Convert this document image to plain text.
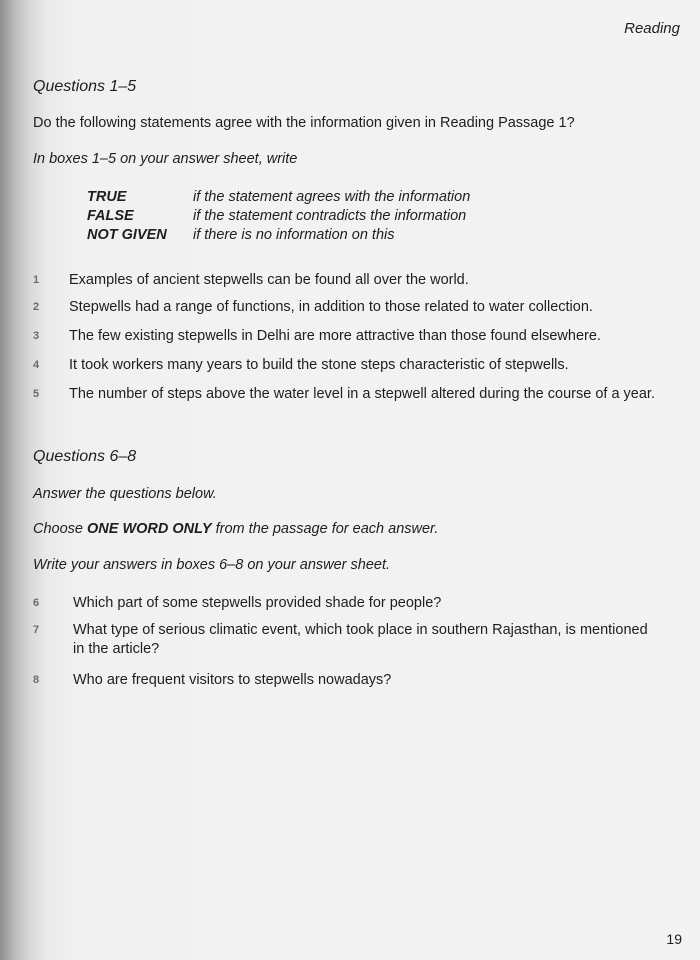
Reading
Questions 1–5
Do the following statements agree with the information given in Reading Passage 1?
In boxes 1–5 on your answer sheet, write
TRUE	if the statement agrees with the information
FALSE	if the statement contradicts the information
NOT GIVEN	if there is no information on this
1	Examples of ancient stepwells can be found all over the world.
2	Stepwells had a range of functions, in addition to those related to water collection.
3	The few existing stepwells in Delhi are more attractive than those found elsewhere.
4	It took workers many years to build the stone steps characteristic of stepwells.
5	The number of steps above the water level in a stepwell altered during the course of a year.
Questions 6–8
Answer the questions below.
Choose ONE WORD ONLY from the passage for each answer.
Write your answers in boxes 6–8 on your answer sheet.
6	Which part of some stepwells provided shade for people?
7	What type of serious climatic event, which took place in southern Rajasthan, is mentioned in the article?
8	Who are frequent visitors to stepwells nowadays?
19
